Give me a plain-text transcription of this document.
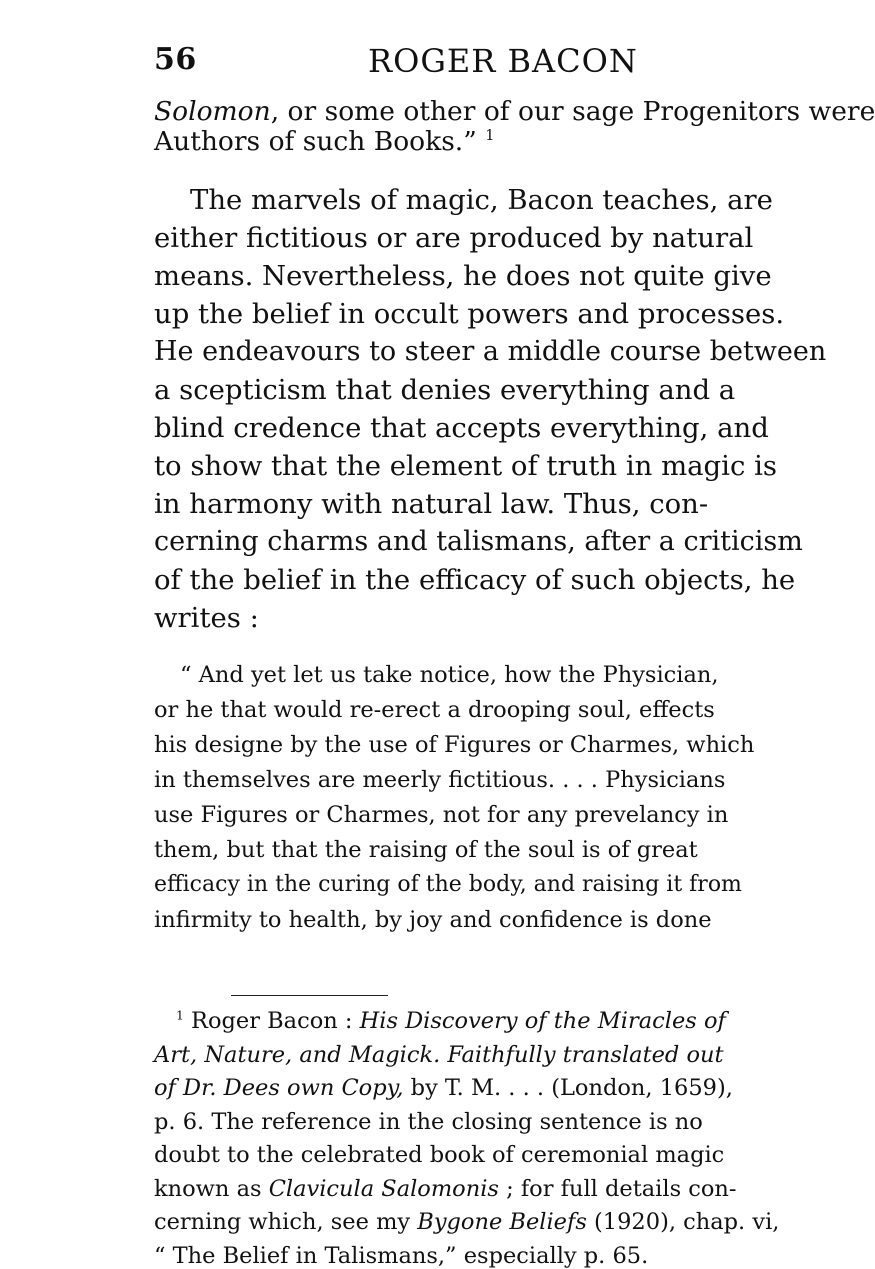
56	ROGER BACON
Solomon, or some other of our sage Progenitors were
Authors of such Books.” $^1$
The marvels of magic, Bacon teaches, are
either fictitious or are produced by natural
means. Nevertheless, he does not quite give
up the belief in occult powers and processes.
He endeavours to steer a middle course between
a scepticism that denies everything and a
blind credence that accepts everything, and
to show that the element of truth in magic is
in harmony with natural law. Thus, con-
cerning charms and talismans, after a criticism
of the belief in the efficacy of such objects, he
writes :
“ And yet let us take notice, how the Physician,
or he that would re-erect a drooping soul, effects
his designe by the use of Figures or Charmes, which
in themselves are meerly fictitious. . . . Physicians
use Figures or Charmes, not for any prevelancy in
them, but that the raising of the soul is of great
efficacy in the curing of the body, and raising it from
infirmity to health, by joy and confidence is done
$^1$ Roger Bacon : His Discovery of the Miracles of
Art, Nature, and Magick. Faithfully translated out
of Dr. Dees own Copy, by T. M. . . . (London, 1659),
p. 6. The reference in the closing sentence is no
doubt to the celebrated book of ceremonial magic
known as Clavicula Salomonis ; for full details con-
cerning which, see my Bygone Beliefs (1920), chap. vi,
“ The Belief in Talismans,” especially p. 65.
